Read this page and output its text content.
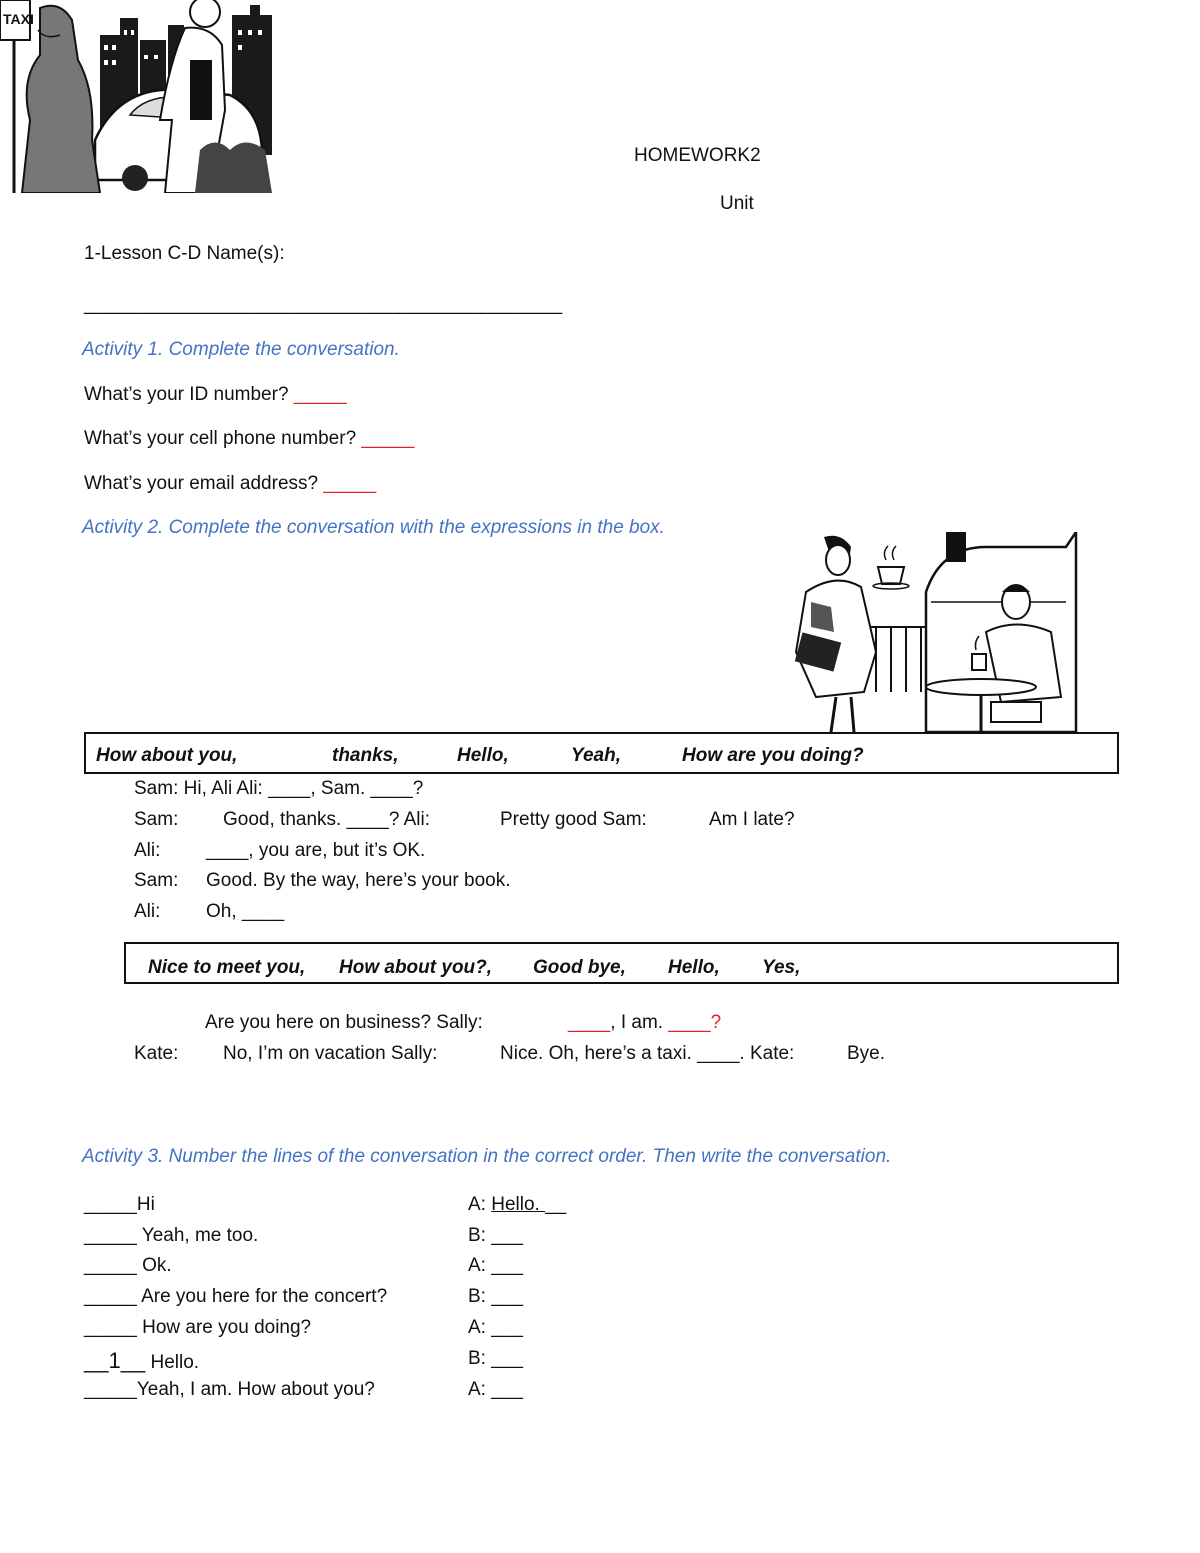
TAXI
HOMEWORK2
Unit
1-Lesson C-D Name(s):
_______________________________________________
Activity 1. Complete the conversation.
What’s your ID number? _____
What’s your cell phone number? _____
What’s your email address? _____
Activity 2. Complete the conversation with the expressions in the box.
How about you,	thanks,	Hello,	Yeah,	How are you doing?
Sam: Hi, Ali Ali: ____, Sam. ____?
Sam: Good, thanks. ____? Ali:	Pretty good Sam:	Am I late?
Ali: ____, you are, but it’s OK.
Sam: Good. By the way, here’s your book.
Ali: Oh, ____
Nice to meet you, How about you?, Good bye, Hello, Yes,
Are you here on business? Sally:	____, I am. ____?
Kate: No, I’m on vacation Sally:	Nice. Oh, here’s a taxi. ____. Kate:	Bye.
Activity 3. Number the lines of the conversation in the correct order. Then write the conversation.
_____Hi
_____ Yeah, me too.
_____ Ok.
_____ Are you here for the concert?
_____ How are you doing?
__1__ Hello.
_____Yeah, I am. How about you?
A: Hello. __
B: ___
A: ___
B: ___
A: ___
B: ___
A: ___
